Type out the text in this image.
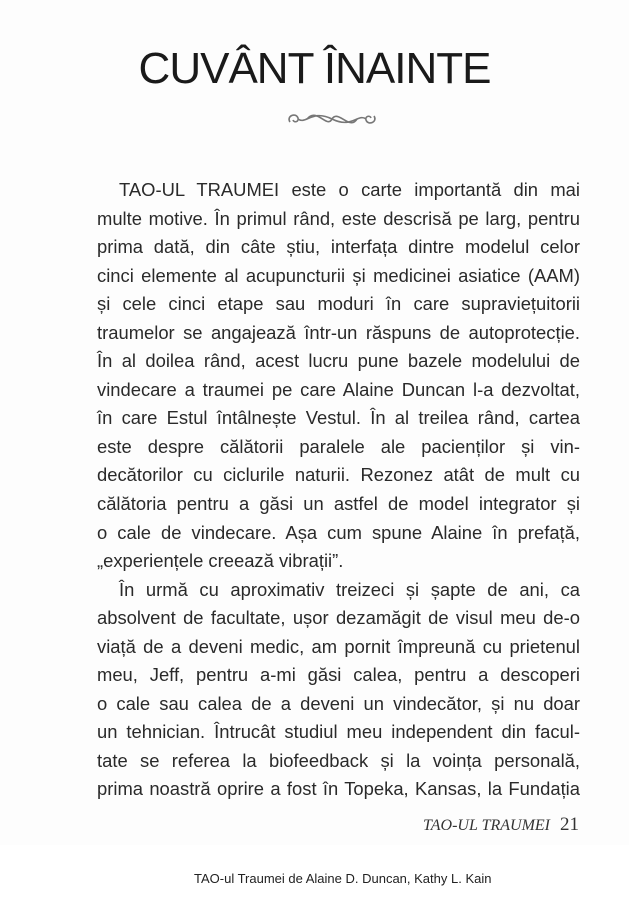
CUVÂNT ÎNAINTE
TAO-UL TRAUMEI este o carte importantă din mai
multe motive. În primul rând, este descrisă pe larg, pentru
prima dată, din câte știu, interfața dintre modelul celor
cinci elemente al acupuncturii și medicinei asiatice (AAM)
și cele cinci etape sau moduri în care supraviețuitorii
traumelor se angajează într-un răspuns de autoprotecție.
În al doilea rând, acest lucru pune bazele modelului de
vindecare a traumei pe care Alaine Duncan l-a dezvoltat,
în care Estul întâlnește Vestul. În al treilea rând, cartea
este despre călătorii paralele ale pacienților și vin-
decătorilor cu ciclurile naturii. Rezonez atât de mult cu
călătoria pentru a găsi un astfel de model integrator și
o cale de vindecare. Așa cum spune Alaine în prefață,
„experiențele creează vibrații”.
În urmă cu aproximativ treizeci și șapte de ani, ca
absolvent de facultate, ușor dezamăgit de visul meu de-o
viață de a deveni medic, am pornit împreună cu prietenul
meu, Jeff, pentru a-mi găsi calea, pentru a descoperi
o cale sau calea de a deveni un vindecător, și nu doar
un tehnician. Întrucât studiul meu independent din facul-
tate se referea la biofeedback și la voința personală,
prima noastră oprire a fost în Topeka, Kansas, la Fundația
TAO-UL TRAUMEI 21
TAO-ul Traumei de Alaine D. Duncan, Kathy L. Kain
